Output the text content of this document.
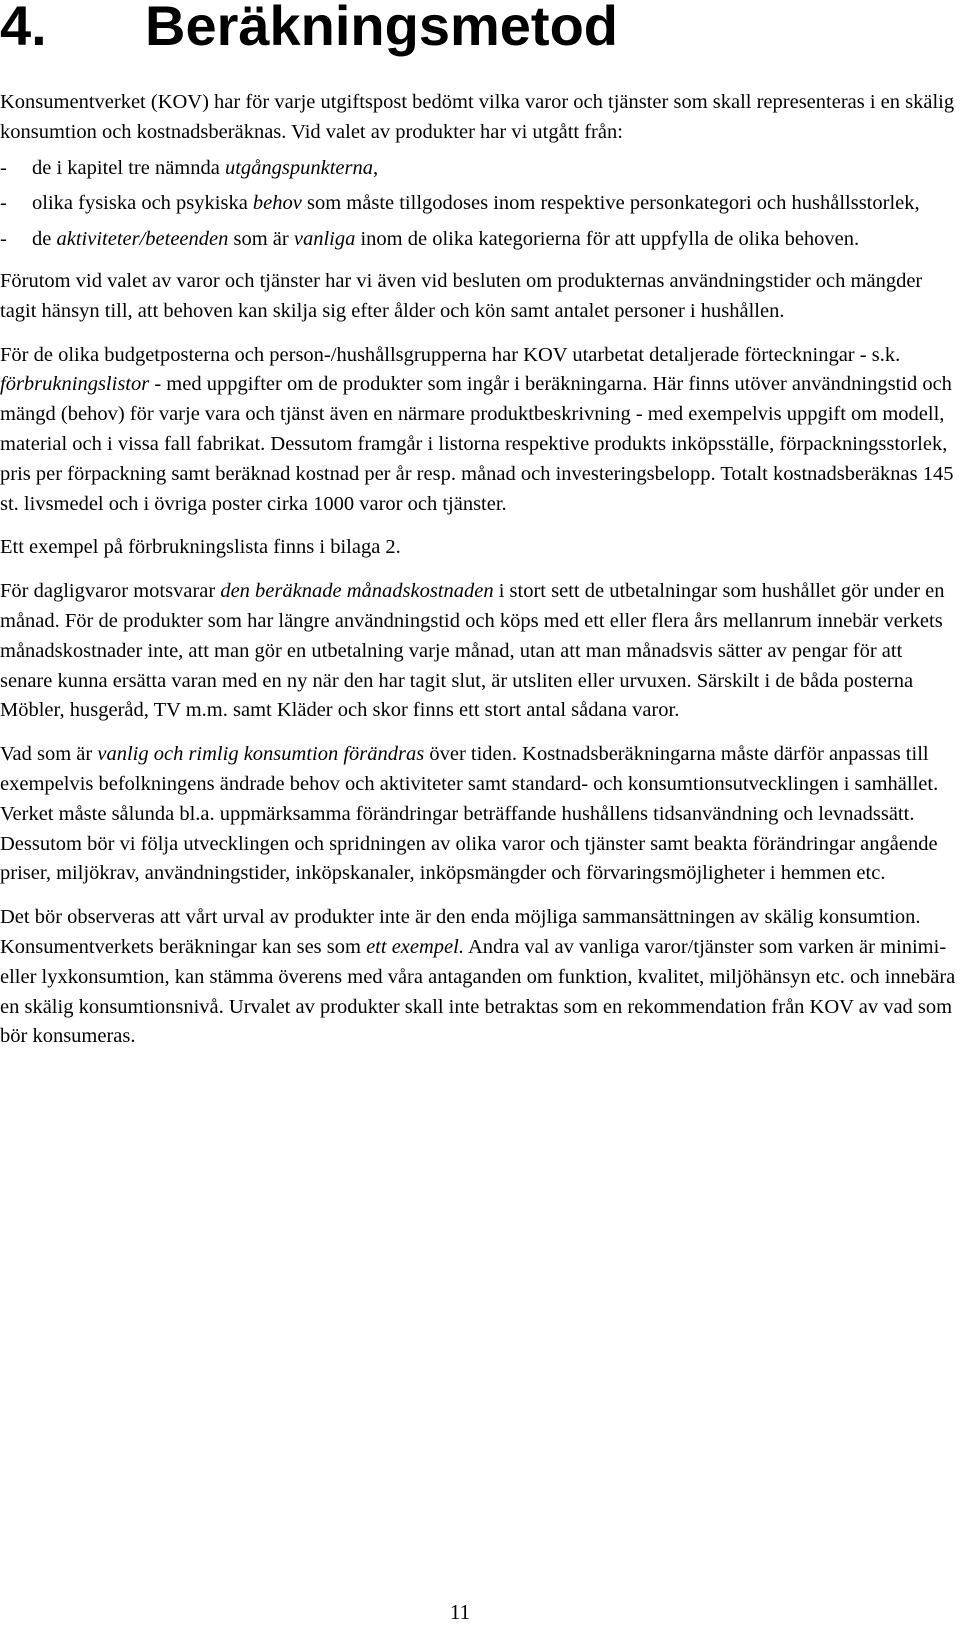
4. Beräkningsmetod

Konsumentverket (KOV) har för varje utgiftspost bedömt vilka varor och tjänster som skall representeras i en skälig konsumtion och kostnadsberäknas. Vid valet av produkter har vi utgått från:

- de i kapitel tre nämnda utgångspunkterna,
- olika fysiska och psykiska behov som måste tillgodoses inom respektive personkategori och hushållsstorlek,
- de aktiviteter/beteenden som är vanliga inom de olika kategorierna för att uppfylla de olika behoven.

Förutom vid valet av varor och tjänster har vi även vid besluten om produkternas användningstider och mängder tagit hänsyn till, att behoven kan skilja sig efter ålder och kön samt antalet personer i hushållen.

För de olika budgetposterna och person-/hushållsgrupperna har KOV utarbetat detaljerade förteckningar - s.k. förbrukningslistor - med uppgifter om de produkter som ingår i beräkningarna. Här finns utöver användningstid och mängd (behov) för varje vara och tjänst även en närmare produktbeskrivning - med exempelvis uppgift om modell, material och i vissa fall fabrikat. Dessutom framgår i listorna respektive produkts inköpsställe, förpackningsstorlek, pris per förpackning samt beräknad kostnad per år resp. månad och investeringsbelopp. Totalt kostnadsberäknas 145 st. livsmedel och i övriga poster cirka 1000 varor och tjänster.

Ett exempel på förbrukningslista finns i bilaga 2.

För dagligvaror motsvarar den beräknade månadskostnaden i stort sett de utbetalningar som hushållet gör under en månad. För de produkter som har längre användningstid och köps med ett eller flera års mellanrum innebär verkets månadskostnader inte, att man gör en utbetalning varje månad, utan att man månadsvis sätter av pengar för att senare kunna ersätta varan med en ny när den har tagit slut, är utsliten eller urvuxen. Särskilt i de båda posterna Möbler, husgeråd, TV m.m. samt Kläder och skor finns ett stort antal sådana varor.

Vad som är vanlig och rimlig konsumtion förändras över tiden. Kostnadsberäkningarna måste därför anpassas till exempelvis befolkningens ändrade behov och aktiviteter samt standard- och konsumtionsutvecklingen i samhället. Verket måste sålunda bl.a. uppmärksamma förändringar beträffande hushållens tidsanvändning och levnadssätt. Dessutom bör vi följa utvecklingen och spridningen av olika varor och tjänster samt beakta förändringar angående priser, miljökrav, användningstider, inköpskanaler, inköpsmängder och förvaringsmöjligheter i hemmen etc.

Det bör observeras att vårt urval av produkter inte är den enda möjliga sammansättningen av skälig konsumtion. Konsumentverkets beräkningar kan ses som ett exempel. Andra val av vanliga varor/tjänster som varken är minimi- eller lyxkonsumtion, kan stämma överens med våra antaganden om funktion, kvalitet, miljöhänsyn etc. och innebära en skälig konsumtionsnivå. Urvalet av produkter skall inte betraktas som en rekommendation från KOV av vad som bör konsumeras.

11
